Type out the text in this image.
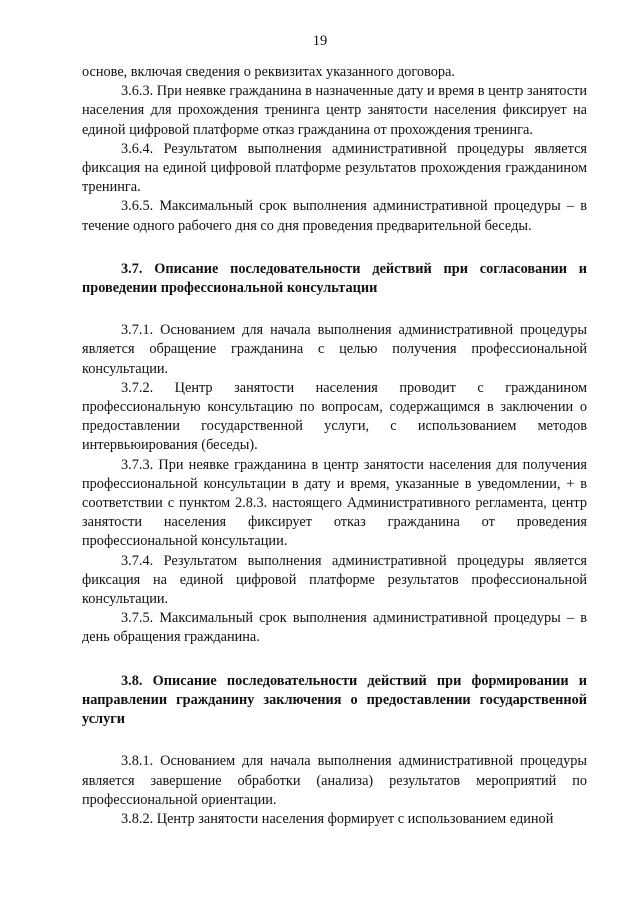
19

основе, включая сведения о реквизитах указанного договора.

3.6.3. При неявке гражданина в назначенные дату и время в центр занятости населения для прохождения тренинга центр занятости населения фиксирует на единой цифровой платформе отказ гражданина от прохождения тренинга.

3.6.4. Результатом выполнения административной процедуры является фиксация на единой цифровой платформе результатов прохождения гражданином тренинга.

3.6.5. Максимальный срок выполнения административной процедуры – в течение одного рабочего дня со дня проведения предварительной беседы.

3.7. Описание последовательности действий при согласовании и проведении профессиональной консультации

3.7.1. Основанием для начала выполнения административной процедуры является обращение гражданина с целью получения профессиональной консультации.

3.7.2. Центр занятости населения проводит с гражданином профессиональную консультацию по вопросам, содержащимся в заключении о предоставлении государственной услуги, с использованием методов интервьюирования (беседы).

3.7.3. При неявке гражданина в центр занятости населения для получения профессиональной консультации в дату и время, указанные в уведомлении, + в соответствии с пунктом 2.8.3. настоящего Административного регламента, центр занятости населения фиксирует отказ гражданина от проведения профессиональной консультации.

3.7.4. Результатом выполнения административной процедуры является фиксация на единой цифровой платформе результатов профессиональной консультации.

3.7.5. Максимальный срок выполнения административной процедуры – в день обращения гражданина.

3.8. Описание последовательности действий при формировании и направлении гражданину заключения о предоставлении государственной услуги

3.8.1. Основанием для начала выполнения административной процедуры является завершение обработки (анализа) результатов мероприятий по профессиональной ориентации.

3.8.2. Центр занятости населения формирует с использованием единой
